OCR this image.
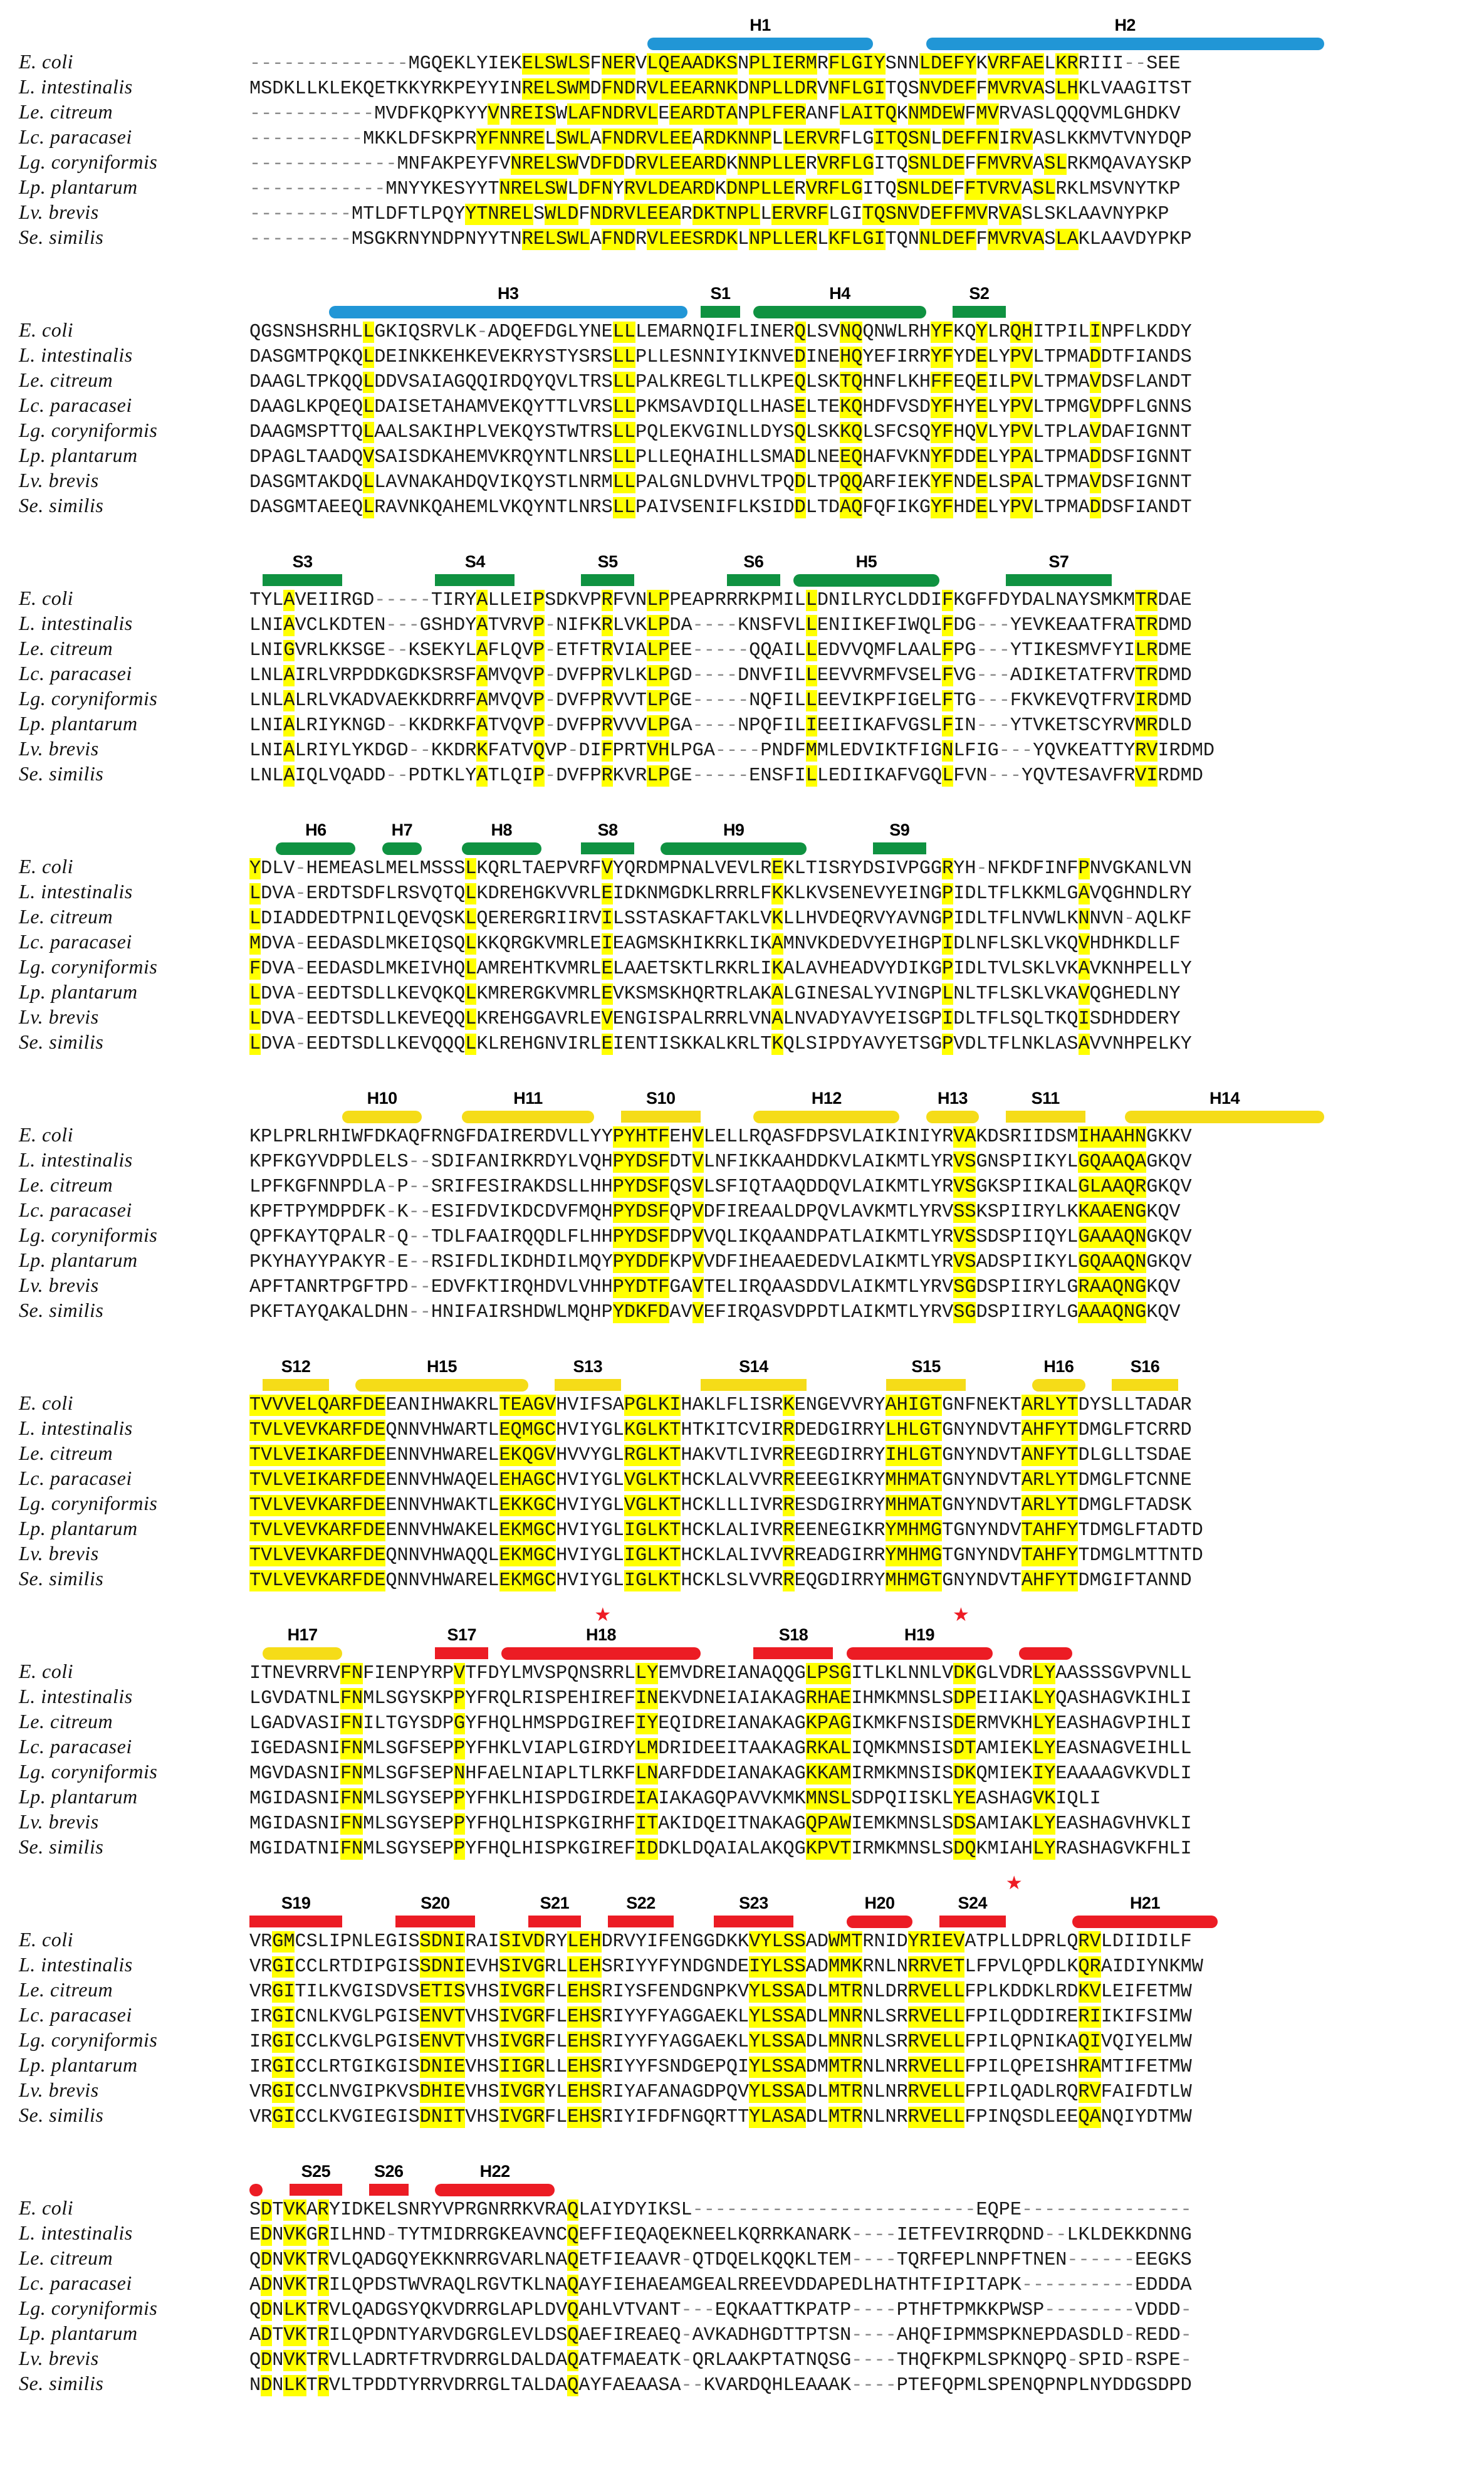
H1	H2
E. coli	--------------MGQEKLYIEKELSWLSFNERVLQEAADKSNPLIERMRFLGIYSNNLDEFYKVRFAELKRRIII--SEE
L. intestinalis	MSDKLLKLEKQETKKYRKPEYYINRELSWMDFNDRVLEEARNKDNPLLDRVNFLGITQSNVDEFFMVRVASLHKLVAAGITST
Le. citreum	-----------MVDFKQPKYYVNREISWLAFNDRVLEEARDTANPLFERANFLAITQKNMDEWFMVRVASLQQQVMLGHDKV
Lc. paracasei	----------MKKLDFSKPRYFNNRELSWLAFNDRVLEEARDKNNPLLERVRFLGITQSNLDEFFNIRVASLKKMVTVNYDQP
Lg. coryniformis	-------------MNFAKPEYFVNRELSWVDFDDRVLEEARDKNNPLLERVRFLGITQSNLDEFFMVRVASLRKMQAVAYSKP
Lp. plantarum	------------MNYYKESYYTNRELSWLDFNYRVLDEARDKDNPLLERVRFLGITQSNLDEFFTVRVASLRKLMSVNYTKP
Lv. brevis	---------MTLDFTLPQYYTNRELSWLDFNDRVLEEARDKTNPLLERVRFLGITQSNVDEFFMVRVASLSKLAAVNYPKP
Se. similis	---------MSGKRNYNDPNYYTNRELSWLAFNDRVLEESRDKLNPLLERLKFLGITQNNLDEFFMVRVASLAKLAAVDYPKP
H3	S1	H4	S2
E. coli	QGSNSHSRHLLGKIQSRVLK-ADQEFDGLYNELLLEMARNQIFLINERQLSVNQQNWLRHYFKQYLRQHITPILINPFLKDDY
L. intestinalis	DASGMTPQKQLDEINKKEHKEVEKRYSTYSRSLLPLLESNNIYIKNVEDINEHQYEFIRRYFYDELYPVLTPMADDTFIANDS
Le. citreum	DAAGLTPKQQLDDVSAIAGQQIRDQYQVLTRSLLPALKREGLTLLKPEQLSKTQHNFLKHFFEQEILPVLTPMAVDSFLANDT
Lc. paracasei	DAAGLKPQEQLDAISETAHAMVEKQYTTLVRSLLPKMSAVDIQLLHASELTEKQHDFVSDYFHYELYPVLTPMGVDPFLGNNS
Lg. coryniformis	DAAGMSPTTQLAALSAKIHPLVEKQYSTWTRSLLPQLEKVGINLLDYSQLSKKQLSFCSQYFHQVLYPVLTPLAVDAFIGNNT
Lp. plantarum	DPAGLTAADQVSAISDKAHEMVKRQYNTLNRSLLPLLEQHAIHLLSMADLNEEQHAFVKNYFDDELYPALTPMADDSFIGNNT
Lv. brevis	DASGMTAKDQLLAVNAKAHDQVIKQYSTLNRMLLPALGNLDVHVLTPQDLTPQQARFIEKYFNDELSPALTPMAVDSFIGNNT
Se. similis	DASGMTAEEQLRAVNKQAHEMLVKQYNTLNRSLLPAIVSENIFLKSIDDLTDAQFQFIKGYFHDELYPVLTPMADDSFIANDT
S3	S4	S5	S6	H5	S7
E. coli	TYLAVEIIRGD-----TIRYALLEIPSDKVPRFVNLPPEAPRRRKPMILLDNILRYCLDDIFKGFFDYDALNAYSMKMTRDAE
L. intestinalis	LNIAVCLKDTEN---GSHDYATVRVP-NIFKRLVKLPDA----KNSFVLLENIIKEFIWQLFDG---YEVKEAATFRATRDMD
Le. citreum	LNIGVRLKKSGE--KSEKYLAFLQVP-ETFTRVIALPEE-----QQAILLEDVVQMFLAALFPG---YTIKESMVFYILRDME
Lc. paracasei	LNLAIRLVRPDDKGDKSRSFAMVQVP-DVFPRVLKLPGD----DNVFILLEEVVRMFVSELFVG---ADIKETATFRVTRDMD
Lg. coryniformis	LNLALRLVKADVAEKKDRRFAMVQVP-DVFPRVVTLPGE-----NQFILLEEVIKPFIGELFTG---FKVKEVQTFRVIRDMD
Lp. plantarum	LNIALRIYKNGD--KKDRKFATVQVP-DVFPRVVVLPGA----NPQFILIEEIIKAFVGSLFIN---YTVKETSCYRVMRDLD
Lv. brevis	LNIALRIYLYKDGD--KKDRKFATVQVP-DIFPRTVHLPGA----PNDFMMLEDVIKTFIGNLFIG---YQVKEATTYRVIRDMD
Se. similis	LNLAIQLVQADD--PDTKLYATLQIP-DVFPRKVRLPGE-----ENSFILLEDIIKAFVGQLFVN---YQVTESAVFRVIRDMD
H6	H7	H8	S8	H9	S9
E. coli	YDLV-HEMEASLMELMSSSLKQRLTAEPVRFVYQRDMPNALVEVLREKLTISRYDSIVPGGRYH-NFKDFINFPNVGKANLVN
L. intestinalis	LDVA-ERDTSDFLRSVQTQLKDREHGKVVRLEIDKNMGDKLRRRLFKKLKVSENEVYEINGPIDLTFLKKMLGAVQGHNDLRY
Le. citreum	LDIADDEDTPNILQEVQSKLQERERGRIIRVILSSTASKAFTAKLVKLLHVDEQRVYAVNGPIDLTFLNVWLKNNVN-AQLKF
Lc. paracasei	MDVA-EEDASDLMKEIQSQLKKQRGKVMRLEIEAGMSKHIKRKLIKAMNVKDEDVYEIHGPIDLNFLSKLVKQVHDHKDLLF
Lg. coryniformis	FDVA-EEDASDLMKEIVHQLAMREHTKVMRLELAAETSKTLRKRLIKALAVHEADVYDIKGPIDLTVLSKLVKAVKNHPELLY
Lp. plantarum	LDVA-EEDTSDLLKEVQKQLKMRERGKVMRLEVKSMSKHQRTRLAKALGINESALYVINGPLNLTFLSKLVKAVQGHEDLNY
Lv. brevis	LDVA-EEDTSDLLKEVEQQLKREHGGAVRLEVENGISPALRRRLVNALNVADYAVYEISGPIDLTFLSQLTKQISDHDDERY
Se. similis	LDVA-EEDTSDLLKEVQQQLKLREHGNVIRLEIENTISKKALKRLTKQLSIPDYAVYETSGPVDLTFLNKLASAVVNHPELKY
H10	H11	S10	H12	H13	S11	H14
E. coli	KPLPRLRHIWFDKAQFRNGFDAIRERDVLLYYPYHTFEHVLELLRQASFDPSVLAIKINIYRVAKDSRIIDSMIHAAHNGKKV
L. intestinalis	KPFKGYVDPDLELS--SDIFANIRKRDYLVQHPYDSFDTVLNFIKKAAHDDKVLAIKMTLYRVSGNSPIIKYLGQAAQAGKQV
Le. citreum	LPFKGFNNPDLA-P--SRIFESIRAKDSLLHHPYDSFQSVLSFIQTAAQDDQVLAIKMTLYRVSGKSPIIKALGLAAQRGKQV
Lc. paracasei	KPFTPYMDPDFK-K--ESIFDVIKDCDVFMQHPYDSFQPVDFIREAALDPQVLAVKMTLYRVSSKSPIIRYLKKAAENGKQV
Lg. coryniformis	QPFKAYTQPALR-Q--TDLFAAIRQQDLFLHHPYDSFDPVVQLIKQAANDPATLAIKMTLYRVSSDSPIIQYLGAAAQNGKQV
Lp. plantarum	PKYHAYYPAKYR-E--RSIFDLIKDHDILMQYPYDDFKPVVDFIHEAAEDEDVLAIKMTLYRVSADSPIIKYLGQAAQNGKQV
Lv. brevis	APFTANRTPGFTPD--EDVFKTIRQHDVLVHHPYDTFGAVTELIRQAASDDVLAIKMTLYRVSGDSPIIRYLGRAAQNGKQV
Se. similis	PKFTAYQAKALDHN--HNIFAIRSHDWLMQHPYDKFDAVVEFIRQASVDPDTLAIKMTLYRVSGDSPIIRYLGAAAQNGKQV
S12	H15	S13	S14	S15	H16	S16
E. coli	TVVVELQARFDEEANIHWAKRLTEAGVHVIFSAPGLKIHAKLFLISRKENGEVVRYAHIGTGNFNEKTARLYTDYSLLTADAR
L. intestinalis	TVLVEVKARFDEQNNVHWARTLEQMGCHVIYGLKGLKTHTKITCVIRRDEDGIRRYLHLGTGNYNDVTAHFYTDMGLFTCRRD
Le. citreum	TVLVEIKARFDEENNVHWARELEKQGVHVVYGLRGLKTHAKVTLIVRREEGDIRRYIHLGTGNYNDVTANFYTDLGLLTSDAE
Lc. paracasei	TVLVEIKARFDEENNVHWAQELEHAGCHVIYGLVGLKTHCKLALVVRREEEGIKRYMHMATGNYNDVTARLYTDMGLFTCNNE
Lg. coryniformis	TVLVEVKARFDEENNVHWAKTLEKKGCHVIYGLVGLKTHCKLLLIVRRESDGIRRYMHMATGNYNDVTARLYTDMGLFTADSK
Lp. plantarum	TVLVEVKARFDEENNVHWAKELEKMGCHVIYGLIGLKTHCKLALIVRREENEGIKRYMHMGTGNYNDVTAHFYTDMGLFTADTD
Lv. brevis	TVLVEVKARFDEQNNVHWAQQLEKMGCHVIYGLIGLKTHCKLALIVVRREADGIRRYMHMGTGNYNDVTAHFYTDMGLMTTNTD
Se. similis	TVLVEVKARFDEQNNVHWARELEKMGCHVIYGLIGLKTHCKLSLVVRREQGDIRRYMHMGTGNYNDVTAHFYTDMGIFTANND
H17	S17	H18	S18	H19
★	★
E. coli	ITNEVRRVFNFIENPYRPVTFDYLMVSPQNSRRLLYEMVDREIANAQQGLPSGITLKLNNLVDKGLVDRLYAASSSGVPVNLL
L. intestinalis	LGVDATNLFNMLSGYSKPPYFRQLRISPEHIREFINEKVDNEIAIAKAGRHAEIHMKMNSLSDPEIIAKLYQASHAGVKIHLI
Le. citreum	LGADVASIFNILTGYSDPGYFHQLHMSPDGIREFIYEQIDREIANAKAGKPAGIKMKFNSISDERMVKHLYEASHAGVPIHLI
Lc. paracasei	IGEDASNIFNMLSGFSEPPYFHKLVIAPLGIRDYLMDRIDEEITAAKAGRKALIQMKMNSISDTAMIEKLYEASNAGVEIHLL
Lg. coryniformis	MGVDASNIFNMLSGFSEPNHFAELNIAPLTLRKFLNARFDDEIANAKAGKKAMIRMKMNSISDKQMIEKIYEAAAAGVKVDLI
Lp. plantarum	MGIDASNIFNMLSGYSEPPYFHKLHISPDGIRDEIAIAKAGQPAVVKMKMNSLSDPQIISKLYEASHAGVKIQLI
Lv. brevis	MGIDASNIFNMLSGYSEPPYFHQLHISPKGIRHFITAKIDQEITNAKAGQPAWIEMKMNSLSDSAMIAKLYEASHAGVHVKLI
Se. similis	MGIDATNIFNMLSGYSEPPYFHQLHISPKGIREFIDDKLDQAIALAKQGKPVTIRMKMNSLSDQKMIAHLYRASHAGVKFHLI
S19	S20	S21	S22	S23	H20	S24	H21
★
E. coli	VRGMCSLIPNLEGISSDNIRAISIVDRYLEHDRVYIFENGGDKKVYLSSADWMTRNIDYRIEVATPLLDPRLQRVLDIIDILF
L. intestinalis	VRGICCLRTDIPGISSDNIEVHSIVGRLLEHSRIYYFYNDGNDEIYLSSADMMKRNLNRRVETLFPVLQPDLKQRAIDIYNKMW
Le. citreum	VRGITILKVGISDVSETISVHSIVGRFLEHSRIYSFENDGNPKVYLSSADLMTRNLDRRVELLFPLKDDKLRDKVLEIFETMW
Lc. paracasei	IRGICNLKVGLPGISENVTVHSIVGRFLEHSRIYYFYAGGAEKLYLSSADLMNRNLSRRVELLFPILQDDIRERIIKIFSIMW
Lg. coryniformis	IRGICCLKVGLPGISENVTVHSIVGRFLEHSRIYYFYAGGAEKLYLSSADLMNRNLSRRVELLFPILQPNIKAQIVQIYELMW
Lp. plantarum	IRGICCLRTGIKGISDNIEVHSIIGRLLEHSRIYYFSNDGEPQIYLSSADMMTRNLNRRVELLFPILQPEISHRAMTIFETMW
Lv. brevis	VRGICCLNVGIPKVSDHIEVHSIVGRYLEHSRIYAFANAGDPQVYLSSADLMTRNLNRRVELLFPILQADLRQRVFAIFDTLW
Se. similis	VRGICCLKVGIEGISDNITVHSIVGRFLEHSRIYIFDFNGQRTTYLASADLMTRNLNRRVELLFPINQSDLEEQANQIYDTMW
S25	S26	H22
E. coli	SDTVKARYIDKELSNRYVPRGNRRKVRAQLAIYDYIKSL-------------------------EQPE---------------
L. intestinalis	EDNVKGRILHND-TYTMIDRRGKEAVNCQEFFIEQAQEKNEELKQRRKANARK----IETFEVIRRQDND--LKLDEKKDNNG
Le. citreum	QDNVKTRVLQADGQYEKKNRRGVARLNAQETFIEAAVR-QTDQELKQQKLTEM----TQRFEPLNNPFTNEN------EEGKS
Lc. paracasei	ADNVKTRILQPDSTWVRAQLRGVTKLNAQAYFIEHAEAMGEALRREEVDDAPEDLHATHTFIPITAPK----------EDDDA
Lg. coryniformis	QDNLKTRVLQADGSYQKVDRRGLAPLDVQAHLVTVANT---EQKAATTKPATP----PTHFTPMKKPWSP--------VDDD-
Lp. plantarum	ADTVKTRILQPDNTYARVDGRGLEVLDSQAEFIREAEQ-AVKADHGDTTPTSN----AHQFIPMMSPKNEPDASDLD-REDD-
Lv. brevis	QDNVKTRVLLADRTFTRVDRRGLDALDAQATFMAEATK-QRLAAKPTATNQSG----THQFKPMLSPKNQPQ-SPID-RSPE-
Se. similis	NDNLKTRVLTPDDTYRRVDRRGLTALDAQAYFAEAASA--KVARDQHLEAAAK----PTEFQPMLSPENQPNPLNYDDGSDPD
